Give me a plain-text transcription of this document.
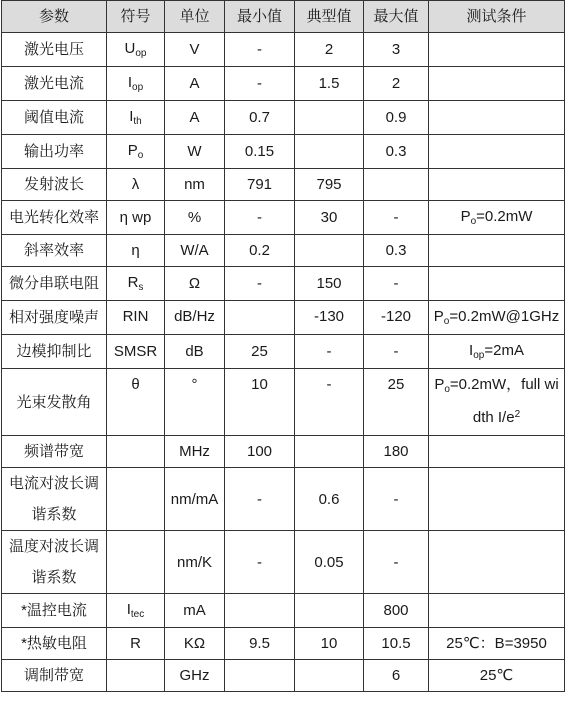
参数	符号	单位	最小值	典型值	最大值	测试条件
激光电压	$U_{op}$	V	-	2	3	
激光电流	$I_{op}$	A	-	1.5	2	
阈值电流	$I_{th}$	A	0.7		0.9	
输出功率	$P_o$	W	0.15		0.3	
发射波长	λ	nm	791	795		
电光转化效率	η wp	%	-	30	-	$P_o=0.2mW$
斜率效率	η	W/A	0.2		0.3	
微分串联电阻	$R_s$	Ω	-	150	-	
相对强度噪声	RIN	dB/Hz		-130	-120	$P_o=0.2mW@1GHz$
边模抑制比	SMSR	dB	25	-	-	$I_{op}=2mA$
光束发散角	θ	°	10	-	25	$P_o=0.2mW$，full width $I/e^2$
频谱带宽		MHz	100		180	
电流对波长调谐系数		nm/mA	-	0.6	-	
温度对波长调谐系数		nm/K	-	0.05	-	
*温控电流	$I_{tec}$	mA			800	
*热敏电阻	R	KΩ	9.5	10	10.5	25℃：B=3950
调制带宽		GHz			6	25℃
